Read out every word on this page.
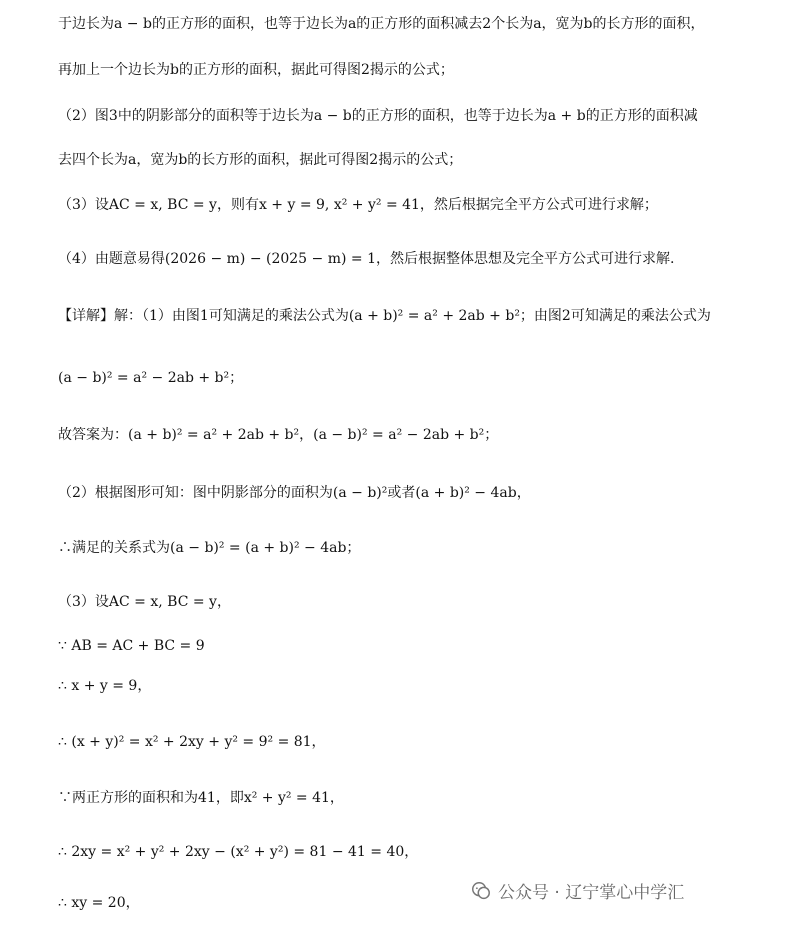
于边长为a − b的正方形的面积，也等于边长为a的正方形的面积减去2个长为a，宽为b的长方形的面积，
再加上一个边长为b的正方形的面积，据此可得图2揭示的公式；
（2）图3中的阴影部分的面积等于边长为a − b的正方形的面积，也等于边长为a + b的正方形的面积减
去四个长为a，宽为b的长方形的面积，据此可得图2揭示的公式；
（3）设AC = x, BC = y，则有x + y = 9, x² + y² = 41，然后根据完全平方公式可进行求解；
（4）由题意易得(2026 − m) − (2025 − m) = 1，然后根据整体思想及完全平方公式可进行求解.
【详解】解：（1）由图1可知满足的乘法公式为(a + b)² = a² + 2ab + b²；由图2可知满足的乘法公式为
(a − b)² = a² − 2ab + b²；
故答案为：(a + b)² = a² + 2ab + b²，(a − b)² = a² − 2ab + b²；
（2）根据图形可知：图中阴影部分的面积为(a − b)²或者(a + b)² − 4ab，
∴满足的关系式为(a − b)² = (a + b)² − 4ab；
（3）设AC = x, BC = y，
∵ AB = AC + BC = 9
∴ x + y = 9，
∴ (x + y)² = x² + 2xy + y² = 9² = 81，
∵两正方形的面积和为41，即x² + y² = 41，
∴ 2xy = x² + y² + 2xy − (x² + y²) = 81 − 41 = 40，
∴ xy = 20，	公众号 · 辽宁掌心中学汇
